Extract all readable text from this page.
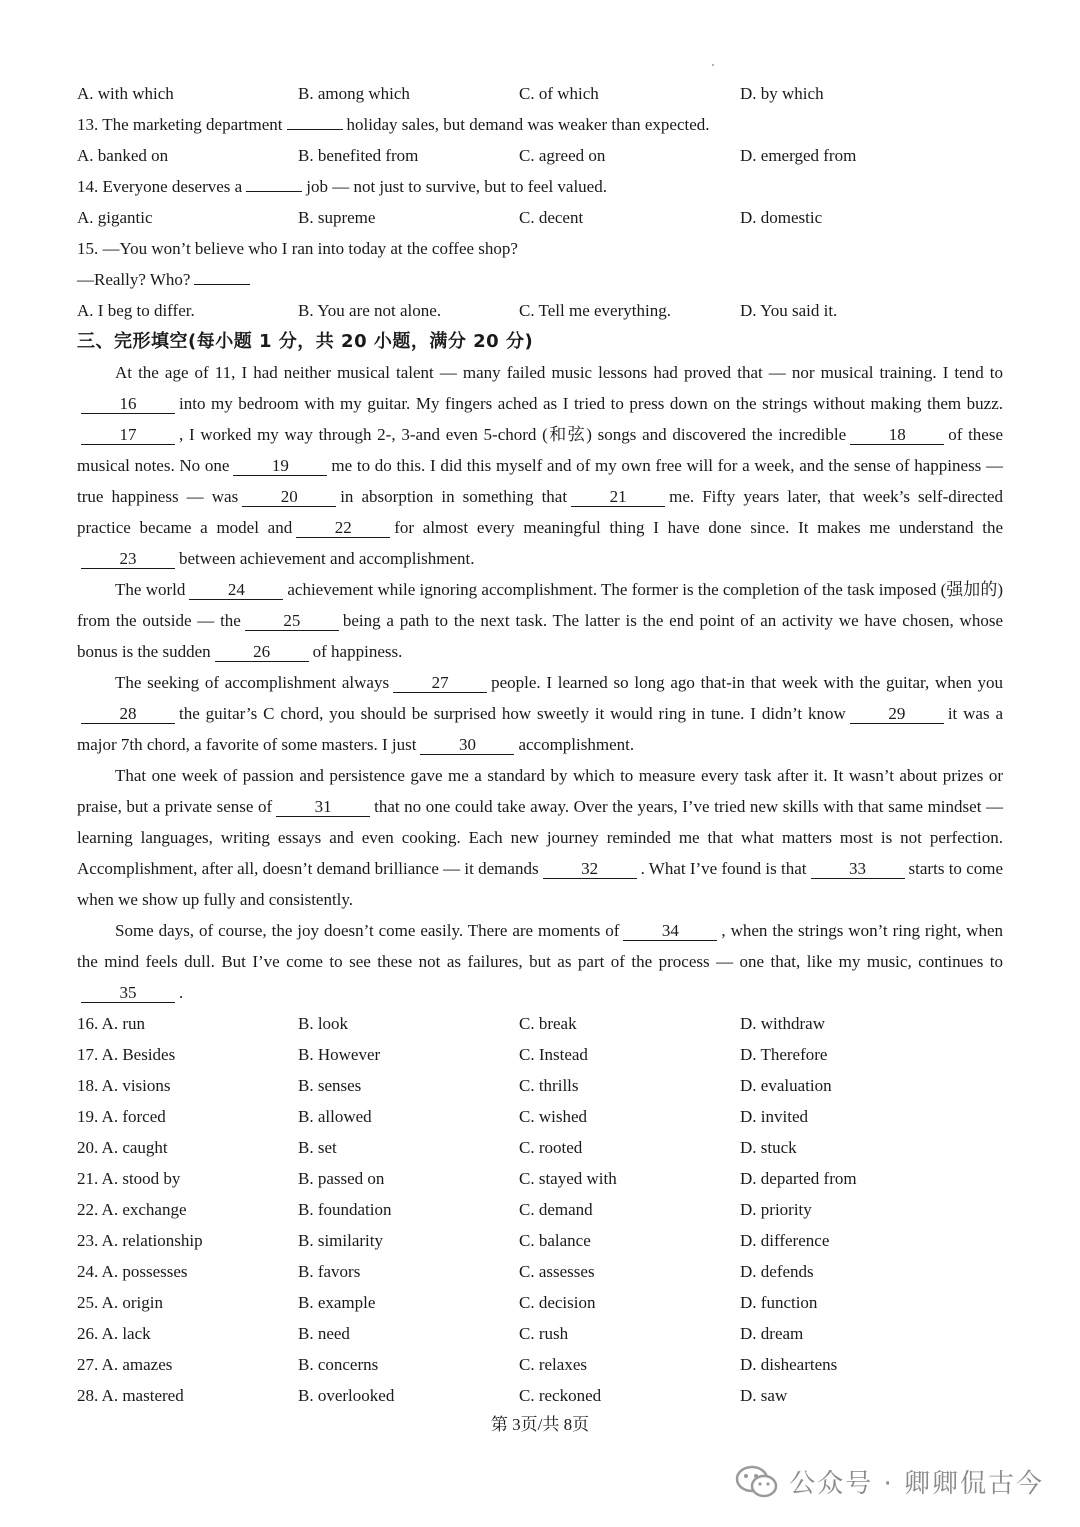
A. with which	B. among which	C. of which	D. by which
13. The marketing department	holiday sales, but demand was weaker than expected.
A. banked on	B. benefited from	C. agreed on	D. emerged from
14. Everyone deserves a	job — not just to survive, but to feel valued.
A. gigantic	B. supreme	C. decent	D. domestic
15. —You won’t believe who I ran into today at the coffee shop?
—Really? Who?
A. I beg to differ.	B. You are not alone.	C. Tell me everything.	D. You said it.
三、完形填空(每小题 1 分，共 20 小题，满分 20 分)

At the age of 11, I had neither musical talent — many failed music lessons had proved that — nor musical training. I tend to16	into my bedroom with my guitar. My fingers ached as I tried to press down on the strings without making them buzz.17	, I worked my way through 2-, 3-and even 5-chord (和弦) songs and discovered the incredible	18	of these musical notes. No one	19	me to do this. I did this myself and of my own free will for a week, and the sense of happiness — true happiness — was	20	in absorption in something that	21	me. Fifty years later, that week’s self-directed practice became a model and	22	for almost every meaningful thing I have done since. It makes me understand the23	between achievement and accomplishment.

The world	24	achievement while ignoring accomplishment. The former is the completion of the task imposed (强加的) from the outside — the	25	being a path to the next task. The latter is the end point of an activity we have chosen, whose bonus is the sudden	26	of happiness.

The seeking of accomplishment always	27	people. I learned so long ago that-in that week with the guitar, when you28	the guitar’s C chord, you should be surprised how sweetly it would ring in tune. I didn’t know	29	it was a major 7th chord, a favorite of some masters. I just	30	accomplishment.

That one week of passion and persistence gave me a standard by which to measure every task after it. It wasn’t about prizes or praise, but a private sense of	31	that no one could take away. Over the years, I’ve tried new skills with that same mindset — learning languages, writing essays and even cooking. Each new journey reminded me that what matters most is not perfection. Accomplishment, after all, doesn’t demand brilliance — it demands	32	. What I’ve found is that	33	starts to come when we show up fully and consistently.

Some days, of course, the joy doesn’t come easily. There are moments of	34	, when the strings won’t ring right, when the mind feels dull. But I’ve come to see these not as failures, but as part of the process — one that, like my music, continues to35	.

16. A. run	B. look	C. break	D. withdraw
17. A. Besides	B. However	C. Instead	D. Therefore
18. A. visions	B. senses	C. thrills	D. evaluation
19. A. forced	B. allowed	C. wished	D. invited
20. A. caught	B. set	C. rooted	D. stuck
21. A. stood by	B. passed on	C. stayed with	D. departed from
22. A. exchange	B. foundation	C. demand	D. priority
23. A. relationship	B. similarity	C. balance	D. difference
24. A. possesses	B. favors	C. assesses	D. defends
25. A. origin	B. example	C. decision	D. function
26. A. lack	B. need	C. rush	D. dream
27. A. amazes	B. concerns	C. relaxes	D. disheartens
28. A. mastered	B. overlooked	C. reckoned	D. saw
第 3页/共 8页
公众号 · 卿卿侃古今
